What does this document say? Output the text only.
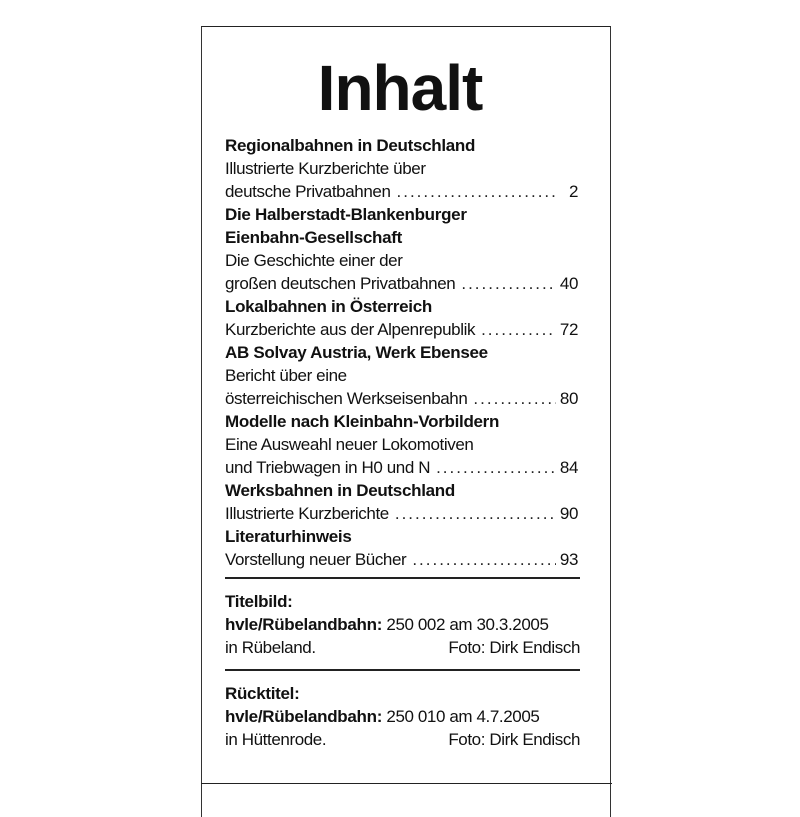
Inhalt
Regionalbahnen in Deutschland
Illustrierte Kurzberichte über
deutsche Privatbahnen .....	2
Die Halberstadt-Blankenburger
Eienbahn-Gesellschaft
Die Geschichte einer der
großen deutschen Privatbahnen .....	40
Lokalbahnen in Österreich
Kurzberichte aus der Alpenrepublik .....	72
AB Solvay Austria, Werk Ebensee
Bericht über eine
österreichischen Werkseisenbahn .....	80
Modelle nach Kleinbahn-Vorbildern
Eine Ausweahl neuer Lokomotiven
und Triebwagen in H0 und N .....	84
Werksbahnen in Deutschland
Illustrierte Kurzberichte .....	90
Literaturhinweis
Vorstellung neuer Bücher .....	93
Titelbild:
hvle/Rübelandbahn: 250 002 am 30.3.2005
in Rübeland.	Foto: Dirk Endisch
Rücktitel:
hvle/Rübelandbahn: 250 010 am 4.7.2005
in Hüttenrode.	Foto: Dirk Endisch
